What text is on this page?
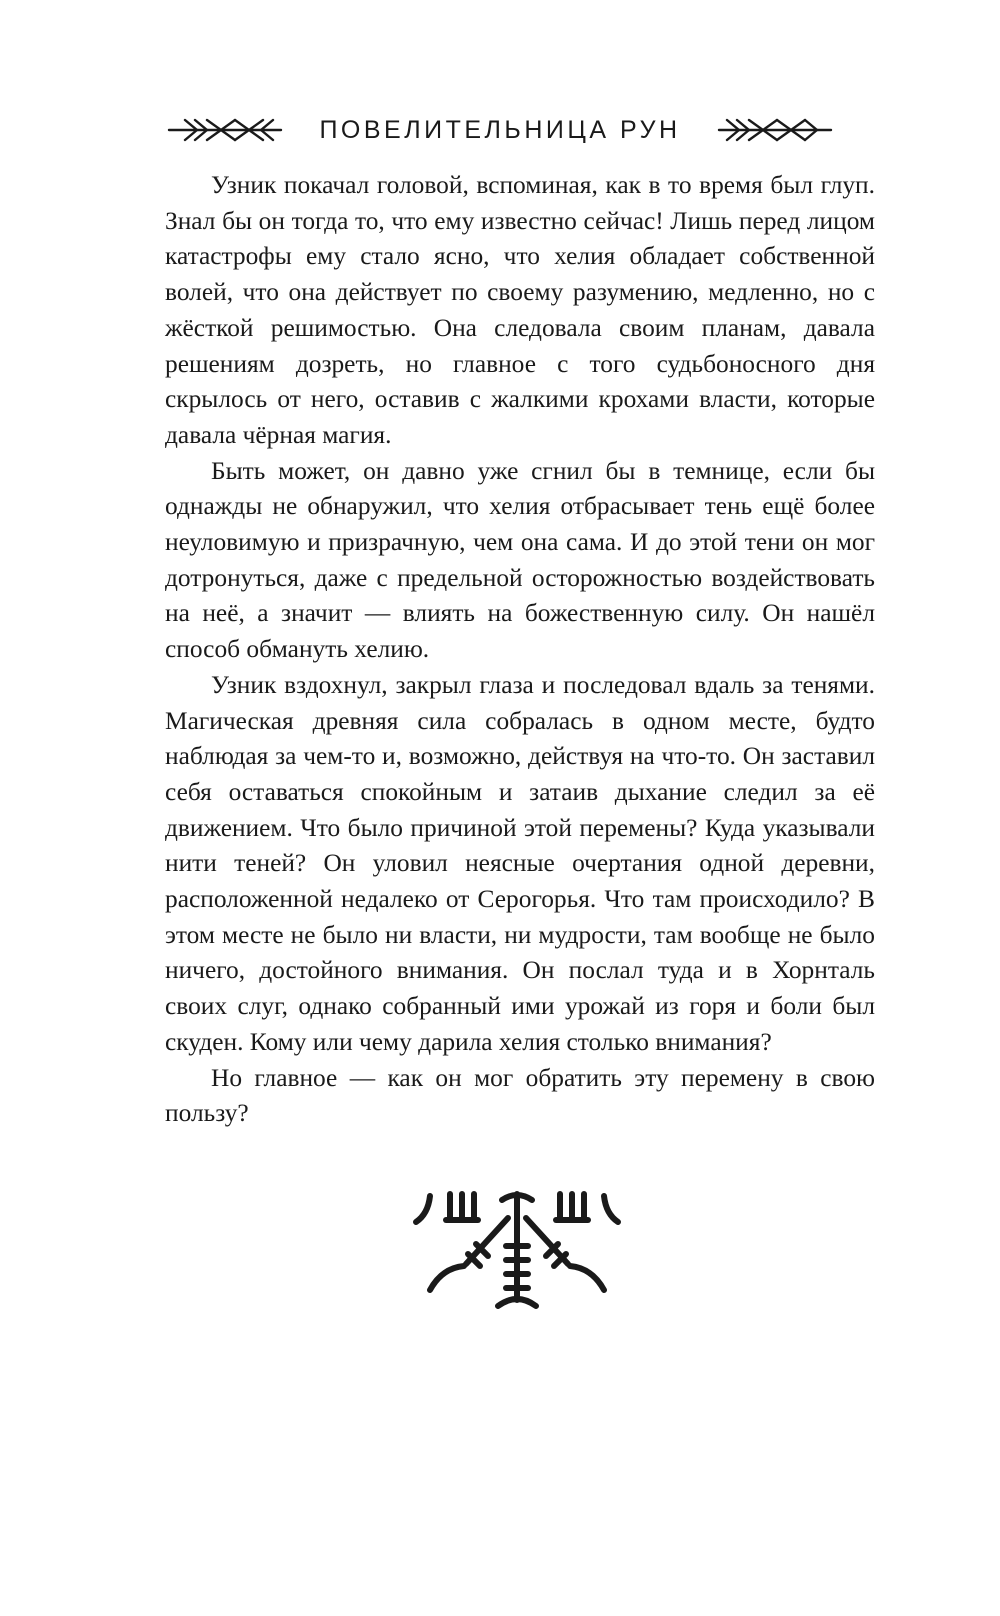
ПОВЕЛИТЕЛЬНИЦА РУН

Узник покачал головой, вспоминая, как в то время был глуп. Знал бы он тогда то, что ему известно сейчас! Лишь перед лицом катастрофы ему стало ясно, что хелия обладает собственной волей, что она действует по своему разумению, медленно, но с жёсткой решимостью. Она следовала своим планам, давала решениям дозреть, но главное с того судьбоносного дня скрылось от него, оставив с жалкими крохами власти, которые давала чёрная магия.

Быть может, он давно уже сгнил бы в темнице, если бы однажды не обнаружил, что хелия отбрасывает тень ещё более неуловимую и призрачную, чем она сама. И до этой тени он мог дотронуться, даже с предельной осторожностью воздействовать на неё, а значит — влиять на божественную силу. Он нашёл способ обмануть хелию.

Узник вздохнул, закрыл глаза и последовал вдаль за тенями. Магическая древняя сила собралась в одном месте, будто наблюдая за чем-то и, возможно, действуя на что-то. Он заставил себя оставаться спокойным и затаив дыхание следил за её движением. Что было причиной этой перемены? Куда указывали нити теней? Он уловил неясные очертания одной деревни, расположенной недалеко от Серогорья. Что там происходило? В этом месте не было ни власти, ни мудрости, там вообще не было ничего, достойного внимания. Он послал туда и в Хорнталь своих слуг, однако собранный ими урожай из горя и боли был скуден. Кому или чему дарила хелия столько внимания?

Но главное — как он мог обратить эту перемену в свою пользу?
